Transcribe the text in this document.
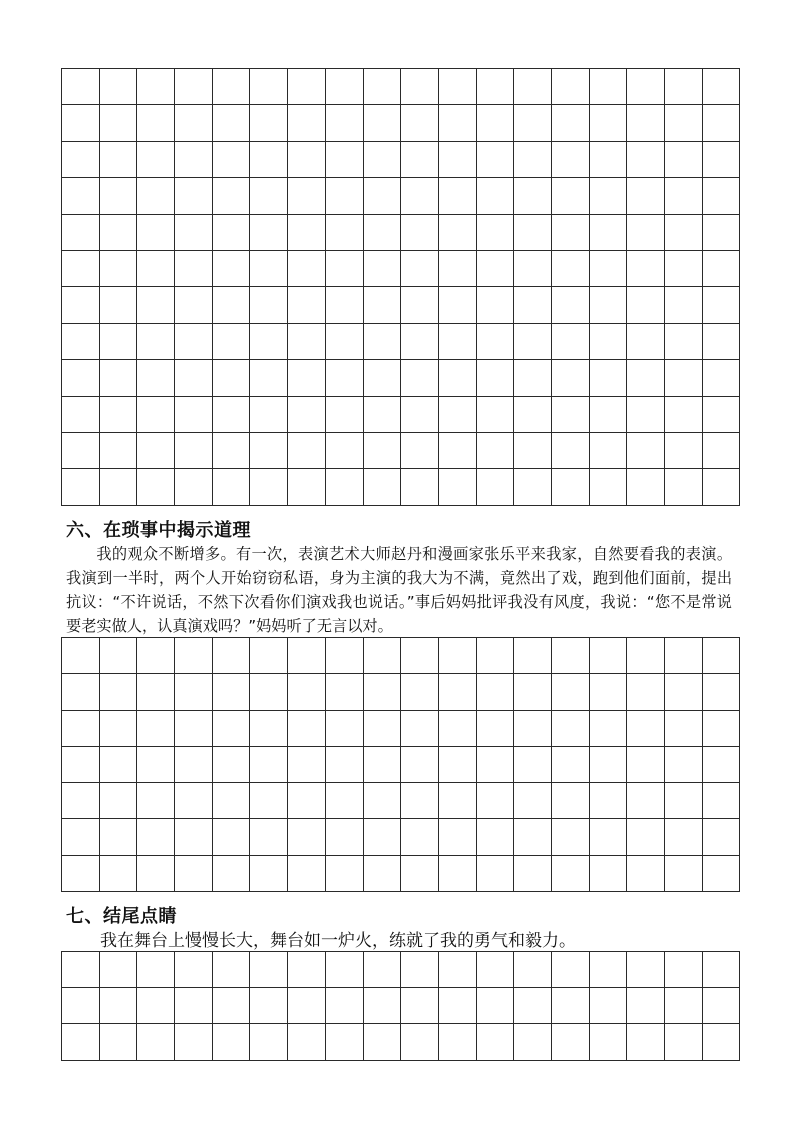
六、在琐事中揭示道理

我的观众不断增多。有一次，表演艺术大师赵丹和漫画家张乐平来我家，自然要看我的表演。我演到一半时，两个人开始窃窃私语，身为主演的我大为不满，竟然出了戏，跑到他们面前，提出抗议：“不许说话，不然下次看你们演戏我也说话。”事后妈妈批评我没有风度，我说：“您不是常说要老实做人，认真演戏吗？”妈妈听了无言以对。

七、结尾点睛

我在舞台上慢慢长大，舞台如一炉火，练就了我的勇气和毅力。
